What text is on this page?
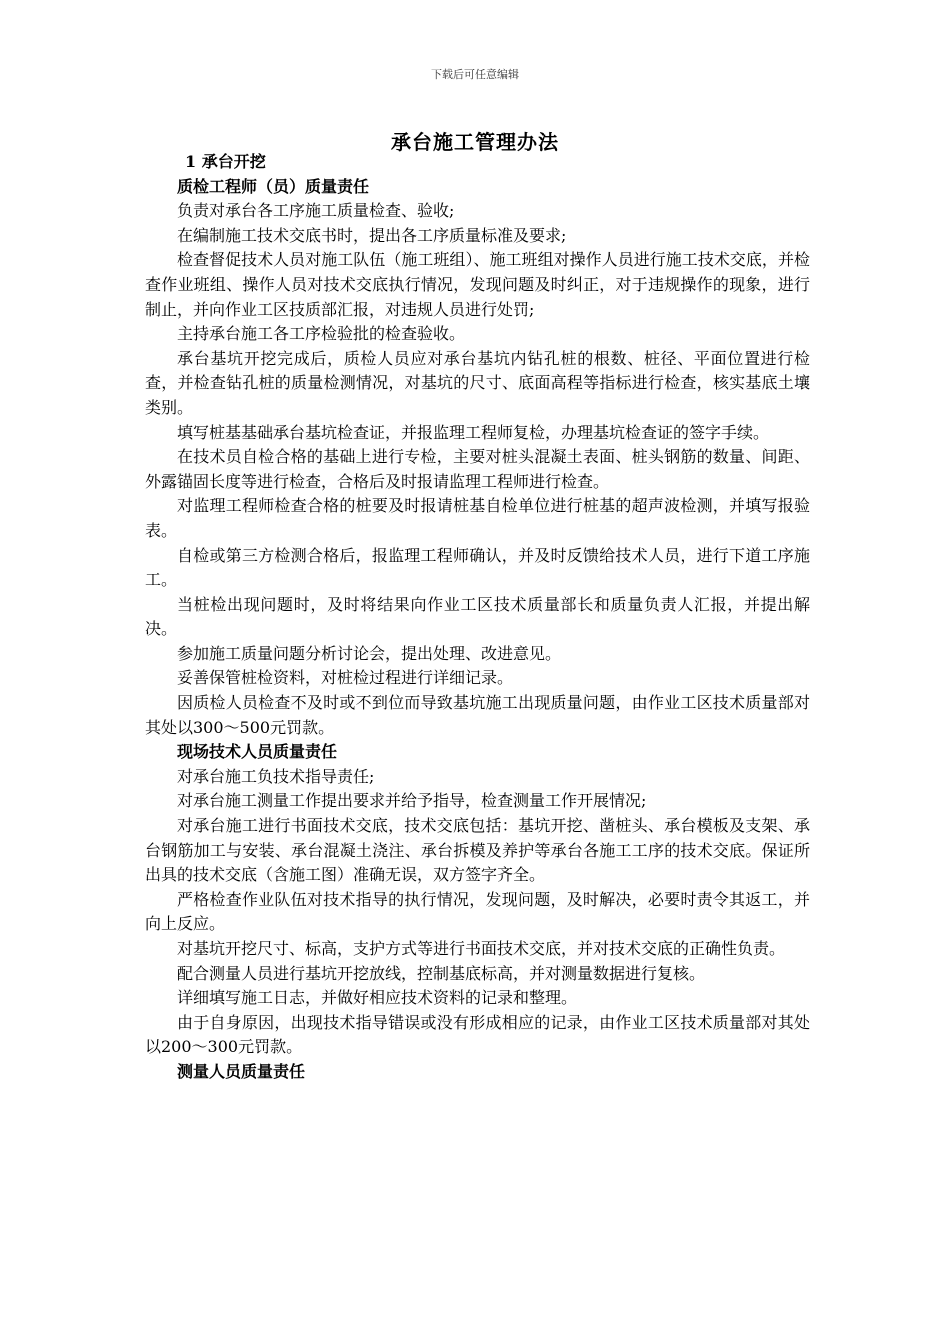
下载后可任意编辑
承台施工管理办法

1 承台开挖

质检工程师（员）质量责任

负责对承台各工序施工质量检查、验收;

在编制施工技术交底书时，提出各工序质量标准及要求;

检查督促技术人员对施工队伍（施工班组）、施工班组对操作人员进行施工技术交底，并检查作业班组、操作人员对技术交底执行情况，发现问题及时纠正，对于违规操作的现象，进行制止，并向作业工区技质部汇报，对违规人员进行处罚;

主持承台施工各工序检验批的检查验收。

承台基坑开挖完成后，质检人员应对承台基坑内钻孔桩的根数、桩径、平面位置进行检查，并检查钻孔桩的质量检测情况，对基坑的尺寸、底面高程等指标进行检查，核实基底土壤类别。

填写桩基基础承台基坑检查证，并报监理工程师复检，办理基坑检查证的签字手续。

在技术员自检合格的基础上进行专检，主要对桩头混凝土表面、桩头钢筋的数量、间距、外露锚固长度等进行检查，合格后及时报请监理工程师进行检查。

对监理工程师检查合格的桩要及时报请桩基自检单位进行桩基的超声波检测，并填写报验表。

自检或第三方检测合格后，报监理工程师确认，并及时反馈给技术人员，进行下道工序施工。

当桩检出现问题时，及时将结果向作业工区技术质量部长和质量负责人汇报，并提出解决。

参加施工质量问题分析讨论会，提出处理、改进意见。

妥善保管桩检资料，对桩检过程进行详细记录。

因质检人员检查不及时或不到位而导致基坑施工出现质量问题，由作业工区技术质量部对其处以300～500元罚款。

现场技术人员质量责任

对承台施工负技术指导责任;

对承台施工测量工作提出要求并给予指导，检查测量工作开展情况;

对承台施工进行书面技术交底，技术交底包括：基坑开挖、凿桩头、承台模板及支架、承台钢筋加工与安装、承台混凝土浇注、承台拆模及养护等承台各施工工序的技术交底。保证所出具的技术交底（含施工图）准确无误，双方签字齐全。

严格检查作业队伍对技术指导的执行情况，发现问题，及时解决，必要时责令其返工，并向上反应。

对基坑开挖尺寸、标高，支护方式等进行书面技术交底，并对技术交底的正确性负责。

配合测量人员进行基坑开挖放线，控制基底标高，并对测量数据进行复核。

详细填写施工日志，并做好相应技术资料的记录和整理。

由于自身原因，出现技术指导错误或没有形成相应的记录，由作业工区技术质量部对其处以200～300元罚款。

测量人员质量责任
